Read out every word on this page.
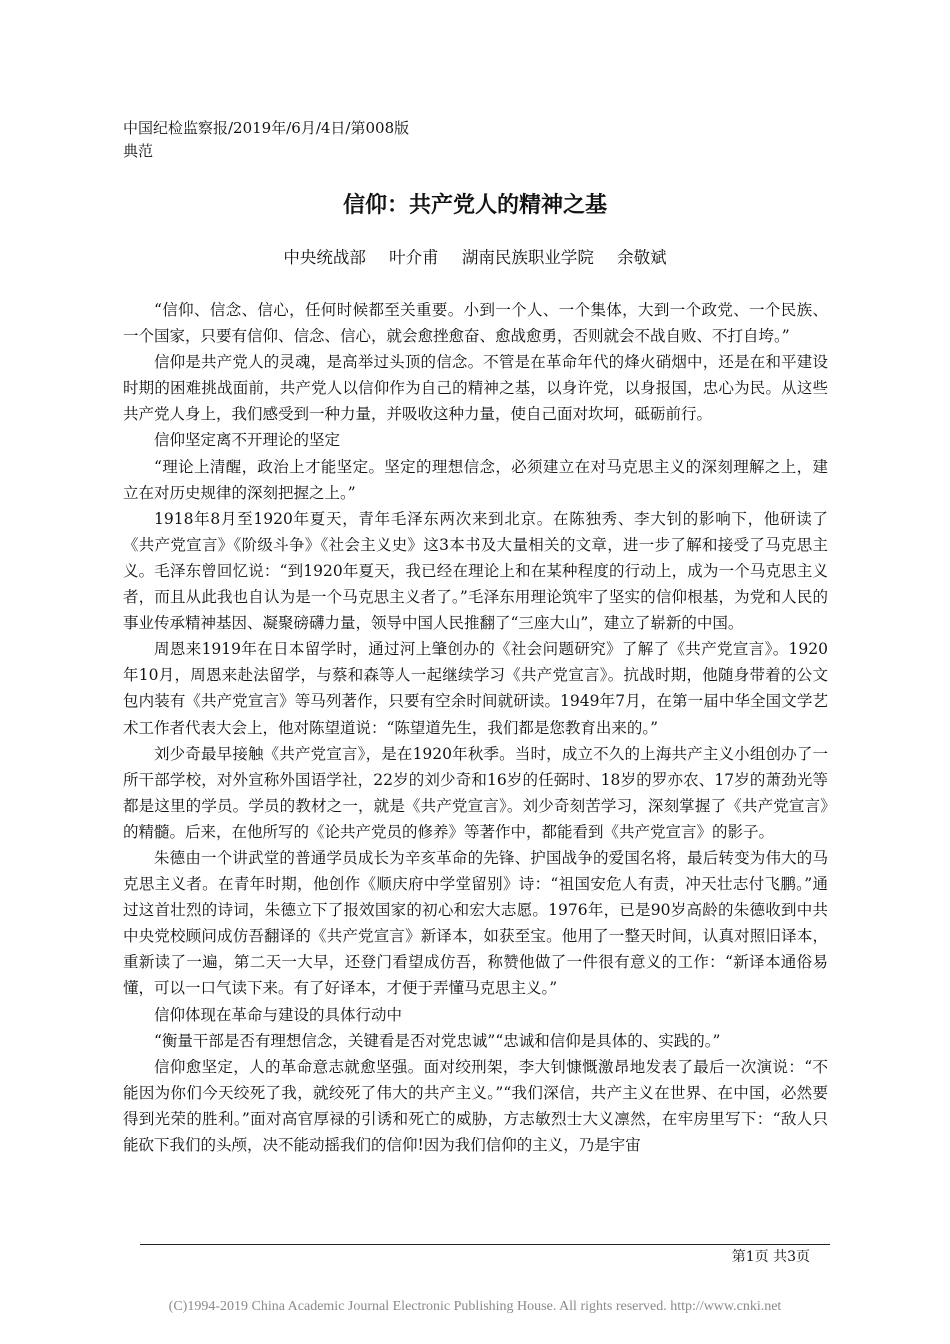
中国纪检监察报/2019年/6月/4日/第008版
典范
信仰：共产党人的精神之基
中央统战部 叶介甫 湖南民族职业学院 余敬斌

“信仰、信念、信心，任何时候都至关重要。小到一个人、一个集体，大到一个政党、一个民族、一个国家，只要有信仰、信念、信心，就会愈挫愈奋、愈战愈勇，否则就会不战自败、不打自垮。”

信仰是共产党人的灵魂，是高举过头顶的信念。不管是在革命年代的烽火硝烟中，还是在和平建设时期的困难挑战面前，共产党人以信仰作为自己的精神之基，以身许党，以身报国，忠心为民。从这些共产党人身上，我们感受到一种力量，并吸收这种力量，使自己面对坎坷，砥砺前行。

信仰坚定离不开理论的坚定

“理论上清醒，政治上才能坚定。坚定的理想信念，必须建立在对马克思主义的深刻理解之上，建立在对历史规律的深刻把握之上。”

1918年8月至1920年夏天，青年毛泽东两次来到北京。在陈独秀、李大钊的影响下，他研读了《共产党宣言》《阶级斗争》《社会主义史》这3本书及大量相关的文章，进一步了解和接受了马克思主义。毛泽东曾回忆说：“到1920年夏天，我已经在理论上和在某种程度的行动上，成为一个马克思主义者，而且从此我也自认为是一个马克思主义者了。”毛泽东用理论筑牢了坚实的信仰根基，为党和人民的事业传承精神基因、凝聚磅礴力量，领导中国人民推翻了“三座大山”，建立了崭新的中国。

周恩来1919年在日本留学时，通过河上肇创办的《社会问题研究》了解了《共产党宣言》。1920年10月，周恩来赴法留学，与蔡和森等人一起继续学习《共产党宣言》。抗战时期，他随身带着的公文包内装有《共产党宣言》等马列著作，只要有空余时间就研读。1949年7月，在第一届中华全国文学艺术工作者代表大会上，他对陈望道说：“陈望道先生，我们都是您教育出来的。”

刘少奇最早接触《共产党宣言》，是在1920年秋季。当时，成立不久的上海共产主义小组创办了一所干部学校，对外宣称外国语学社，22岁的刘少奇和16岁的任弼时、18岁的罗亦农、17岁的萧劲光等都是这里的学员。学员的教材之一，就是《共产党宣言》。刘少奇刻苦学习，深刻掌握了《共产党宣言》的精髓。后来，在他所写的《论共产党员的修养》等著作中，都能看到《共产党宣言》的影子。

朱德由一个讲武堂的普通学员成长为辛亥革命的先锋、护国战争的爱国名将，最后转变为伟大的马克思主义者。在青年时期，他创作《顺庆府中学堂留别》诗：“祖国安危人有责，冲天壮志付飞鹏。”通过这首壮烈的诗词，朱德立下了报效国家的初心和宏大志愿。1976年，已是90岁高龄的朱德收到中共中央党校顾问成仿吾翻译的《共产党宣言》新译本，如获至宝。他用了一整天时间，认真对照旧译本，重新读了一遍，第二天一大早，还登门看望成仿吾，称赞他做了一件很有意义的工作：“新译本通俗易懂，可以一口气读下来。有了好译本，才便于弄懂马克思主义。”

信仰体现在革命与建设的具体行动中

“衡量干部是否有理想信念，关键看是否对党忠诚”“忠诚和信仰是具体的、实践的。”

信仰愈坚定，人的革命意志就愈坚强。面对绞刑架，李大钊慷慨激昂地发表了最后一次演说：“不能因为你们今天绞死了我，就绞死了伟大的共产主义。”“我们深信，共产主义在世界、在中国，必然要得到光荣的胜利。”面对高官厚禄的引诱和死亡的威胁，方志敏烈士大义凛然，在牢房里写下：“敌人只能砍下我们的头颅，决不能动摇我们的信仰!因为我们信仰的主义，乃是宇宙

第1页 共3页
(C)1994-2019 China Academic Journal Electronic Publishing House. All rights reserved. http://www.cnki.net
